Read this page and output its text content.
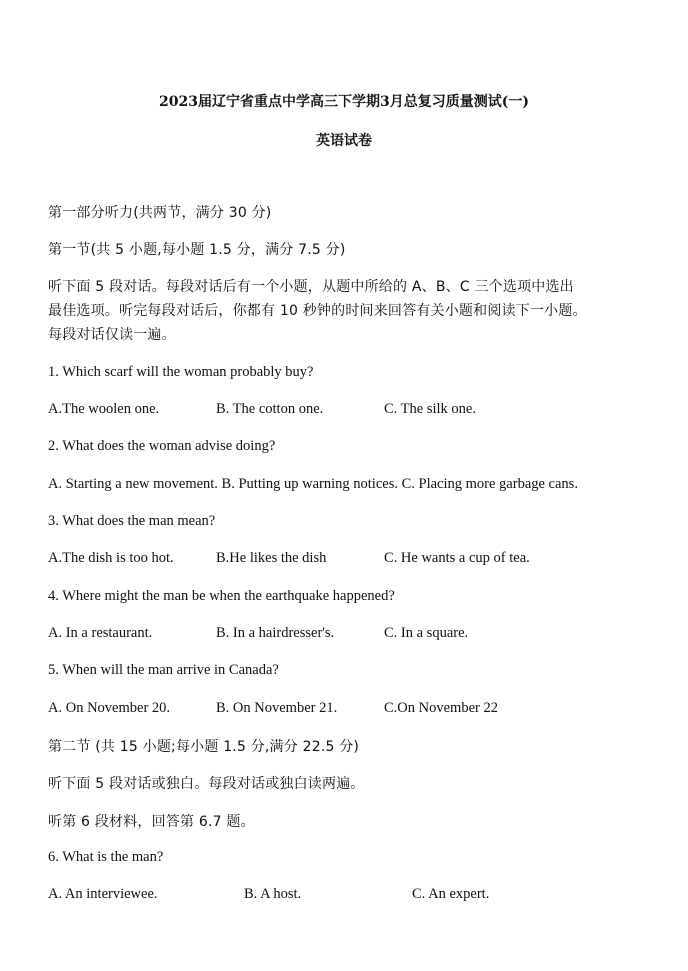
2023届辽宁省重点中学高三下学期3月总复习质量测试(一)
英语试卷
第一部分听力(共两节，满分 30 分)
第一节(共 5 小题,每小题 1.5 分，满分 7.5 分)
听下面 5 段对话。每段对话后有一个小题，从题中所给的 A、B、C 三个选项中选出
最佳选项。听完每段对话后，你都有 10 秒钟的时间来回答有关小题和阅读下一小题。
每段对话仅读一遍。
1. Which scarf will the woman probably buy?
A.The woolen one.	B. The cotton one.	C. The silk one.
2. What does the woman advise doing?
A. Starting a new movement. B. Putting up warning notices. C. Placing more garbage cans.
3. What does the man mean?
A.The dish is too hot.	B.He likes the dish	C. He wants a cup of tea.
4. Where might the man be when the earthquake happened?
A. In a restaurant.	B. In a hairdresser's.	C. In a square.
5. When will the man arrive in Canada?
A. On November 20.	B. On November 21.	C.On November 22
第二节 (共 15 小题;每小题 1.5 分,满分 22.5 分)
听下面 5 段对话或独白。每段对话或独白读两遍。
听第 6 段材料，回答第 6.7 题。
6. What is the man?
A. An interviewee.	B. A host.	C. An expert.
